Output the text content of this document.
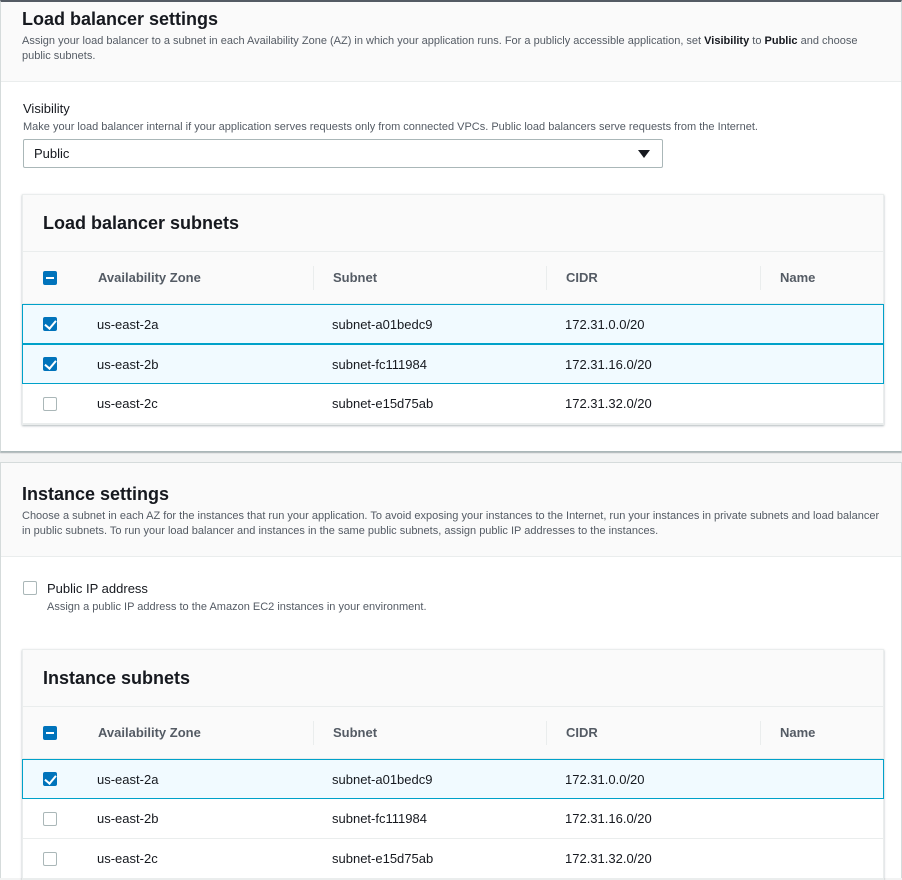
Load balancer settings
Assign your load balancer to a subnet in each Availability Zone (AZ) in which your application runs. For a publicly accessible application, set Visibility to Public and choose public subnets.
Visibility
Make your load balancer internal if your application serves requests only from connected VPCs. Public load balancers serve requests from the Internet.
Public
Load balancer subnets
Availability Zone	Subnet	CIDR	Name
us-east-2a	subnet-a01bedc9	172.31.0.0/20
us-east-2b	subnet-fc111984	172.31.16.0/20
us-east-2c	subnet-e15d75ab	172.31.32.0/20
Instance settings
Choose a subnet in each AZ for the instances that run your application. To avoid exposing your instances to the Internet, run your instances in private subnets and load balancer in public subnets. To run your load balancer and instances in the same public subnets, assign public IP addresses to the instances.
Public IP address
Assign a public IP address to the Amazon EC2 instances in your environment.
Instance subnets
Availability Zone	Subnet	CIDR	Name
us-east-2a	subnet-a01bedc9	172.31.0.0/20
us-east-2b	subnet-fc111984	172.31.16.0/20
us-east-2c	subnet-e15d75ab	172.31.32.0/20
